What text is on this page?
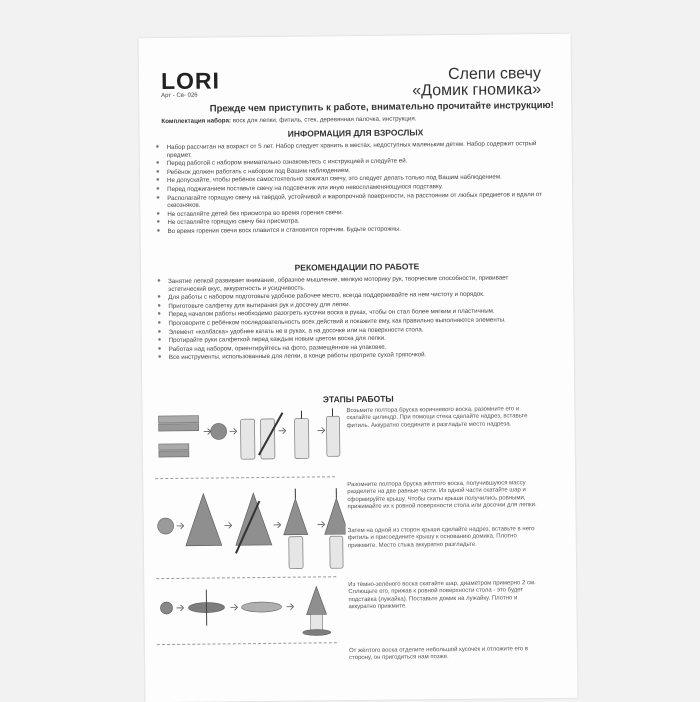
LORI
Арт - Св- 026
Слепи свечу
«Домик гномика»
Прежде чем приступить к работе, внимательно прочитайте инструкцию!
Комплектация набора: воск для лепки, фитиль, стек, деревянная палочка, инструкция.
ИНФОРМАЦИЯ ДЛЯ ВЗРОСЛЫХ
● Набор рассчитан на возраст от 5 лет. Набор следует хранить в местах, недоступных маленьким детям. Набор содержит острый предмет.
● Перед работой с набором внимательно ознакомьтесь с инструкцией и следуйте ей.
● Ребёнок должен работать с набором под Вашим наблюдением.
● Не допускайте, чтобы ребёнок самостоятельно зажигал свечу, это следует делать только под Вашим наблюдением.
● Перед поджиганием поставьте свечу на подсвечник или иную невоспламеняющуюся подставку.
● Располагайте горящую свечу на твёрдой, устойчивой и жаропрочной поверхности, на расстоянии от любых предметов и вдали от сквозняков.
● Не оставляйте детей без присмотра во время горения свечи.
● Не оставляйте горящую свечу без присмотра.
● Во время горения свечи воск плавится и становится горячим. Будьте осторожны.
РЕКОМЕНДАЦИИ ПО РАБОТЕ
● Занятие лепкой развивает внимание, образное мышление, мелкую моторику рук, творческие способности, прививает эстетический вкус, аккуратность и усидчивость.
● Для работы с набором подготовьте удобное рабочее место, всегда поддерживайте на нем чистоту и порядок.
● Приготовьте салфетку для вытирания рук и досочку для лепки.
● Перед началом работы необходимо разогреть кусочки воска в руках, чтобы он стал более мягким и пластичным.
● Проговорите с ребёнком последовательность всех действий и покажите ему, как правильно выполняются элементы.
● Элемент «колбаска» удобнее катать не в руках, а на досочке или на поверхности стола.
● Протирайте руки салфеткой перед каждым новым цветом воска для лепки.
● Работая над набором, ориентируйтесь на фото, размещённое на упаковке.
● Все инструменты, использованные для лепки, в конце работы протрите сухой тряпочкой.
ЭТАПЫ РАБОТЫ
Возьмите полтора бруска коричневого воска, разомните его и скатайте цилиндр. При помощи стека сделайте надрез, вставьте фитиль. Аккуратно соедините и разгладьте место надреза.
Разомните полтора бруска жёлтого воска, получившуюся массу разделите на две равные части. Из одной части скатайте шар и сформируйте крышу. Чтобы скаты крыши получились ровными, прижимайте их к ровной поверхности стола или досочки для лепки.
Затем на одной из сторон крыши сделайте надрез, вставьте в него фитиль и присоедините крышу к основанию домика. Плотно прижмите. Место стыка аккуратно разгладьте.
Из тёмно-зелёного воска скатайте шар, диаметром примерно 2 см. Сплющьте его, прижав к ровной поверхности стола - это будет подставка (лужайка). Поставьте домик на лужайку. Плотно и аккуратно прижмите.
От жёлтого воска отделите небольшой кусочек и отложите его в сторону, он пригодиться нам позже.
